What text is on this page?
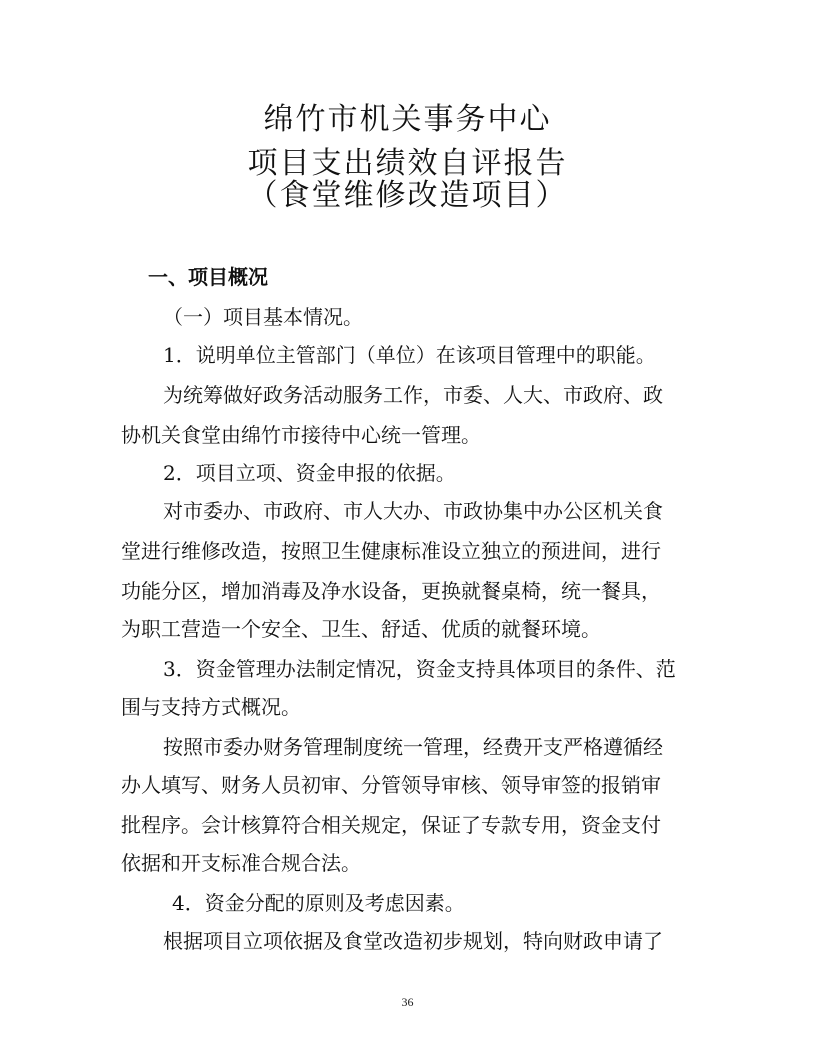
绵竹市机关事务中心
项目支出绩效自评报告
（食堂维修改造项目）
一、项目概况
（一）项目基本情况。
1．说明单位主管部门（单位）在该项目管理中的职能。
为统筹做好政务活动服务工作，市委、人大、市政府、政
协机关食堂由绵竹市接待中心统一管理。
2．项目立项、资金申报的依据。
对市委办、市政府、市人大办、市政协集中办公区机关食
堂进行维修改造，按照卫生健康标准设立独立的预进间，进行
功能分区，增加消毒及净水设备，更换就餐桌椅，统一餐具，
为职工营造一个安全、卫生、舒适、优质的就餐环境。
3．资金管理办法制定情况，资金支持具体项目的条件、范
围与支持方式概况。
按照市委办财务管理制度统一管理，经费开支严格遵循经
办人填写、财务人员初审、分管领导审核、领导审签的报销审
批程序。会计核算符合相关规定，保证了专款专用，资金支付
依据和开支标准合规合法。
4．资金分配的原则及考虑因素。
根据项目立项依据及食堂改造初步规划，特向财政申请了
36
